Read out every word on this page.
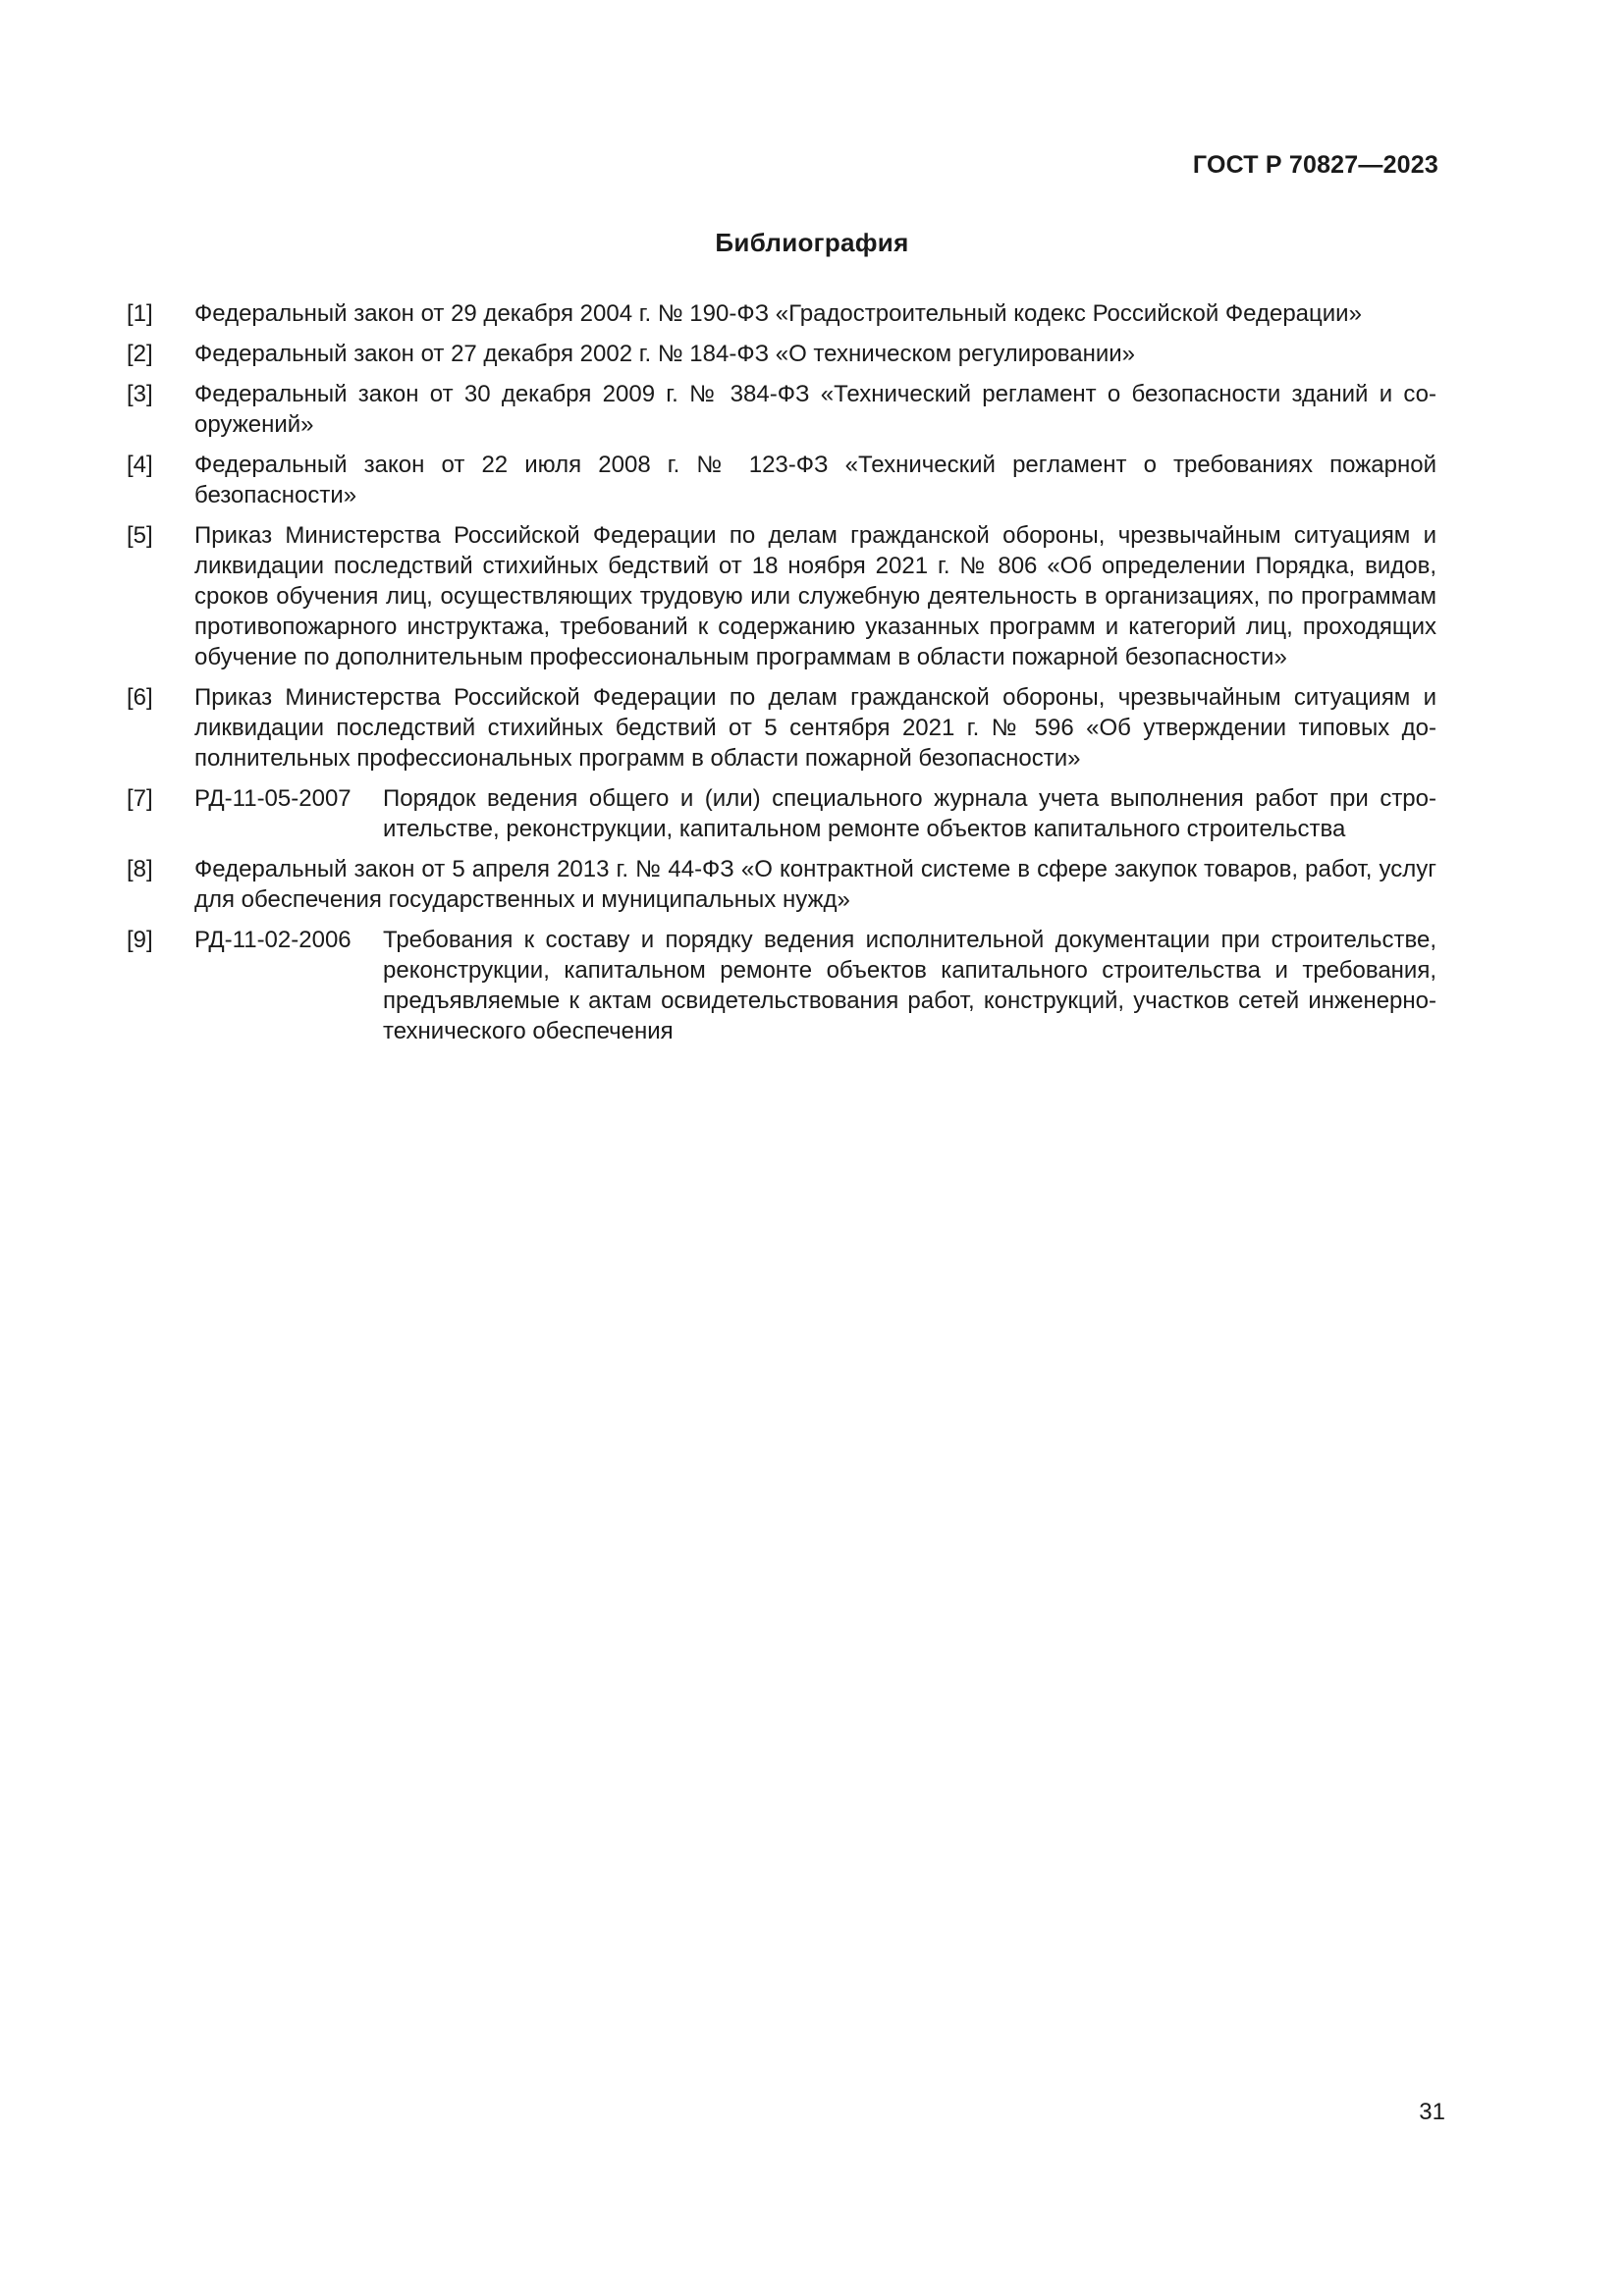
ГОСТ Р 70827—2023
Библиография
[1]	Федеральный закон от 29 декабря 2004 г. № 190-ФЗ «Градостроительный кодекс Российской Федерации»
[2]	Федеральный закон от 27 декабря 2002 г. № 184-ФЗ «О техническом регулировании»
[3]	Федеральный закон от 30 декабря 2009 г. № 384-ФЗ «Технический регламент о безопасности зданий и сооружений»
[4]	Федеральный закон от 22 июля 2008 г. № 123-ФЗ «Технический регламент о требованиях пожарной безопасности»
[5]	Приказ Министерства Российской Федерации по делам гражданской обороны, чрезвычайным ситуациям и ликвидации последствий стихийных бедствий от 18 ноября 2021 г. № 806 «Об определении Порядка, видов, сроков обучения лиц, осуществляющих трудовую или служебную деятельность в организациях, по программам противопожарного инструктажа, требований к содержанию указанных программ и категорий лиц, проходящих обучение по дополнительным профессиональным программам в области пожарной безопасности»
[6]	Приказ Министерства Российской Федерации по делам гражданской обороны, чрезвычайным ситуациям и ликвидации последствий стихийных бедствий от 5 сентября 2021 г. № 596 «Об утверждении типовых дополнительных профессиональных программ в области пожарной безопасности»
[7]	РД-11-05-2007	Порядок ведения общего и (или) специального журнала учета выполнения работ при строительстве, реконструкции, капитальном ремонте объектов капитального строительства
[8]	Федеральный закон от 5 апреля 2013 г. № 44-ФЗ «О контрактной системе в сфере закупок товаров, работ, услуг для обеспечения государственных и муниципальных нужд»
[9]	РД-11-02-2006	Требования к составу и порядку ведения исполнительной документации при строительстве, реконструкции, капитальном ремонте объектов капитального строительства и требования, предъявляемые к актам освидетельствования работ, конструкций, участков сетей инженерно-технического обеспечения
31
